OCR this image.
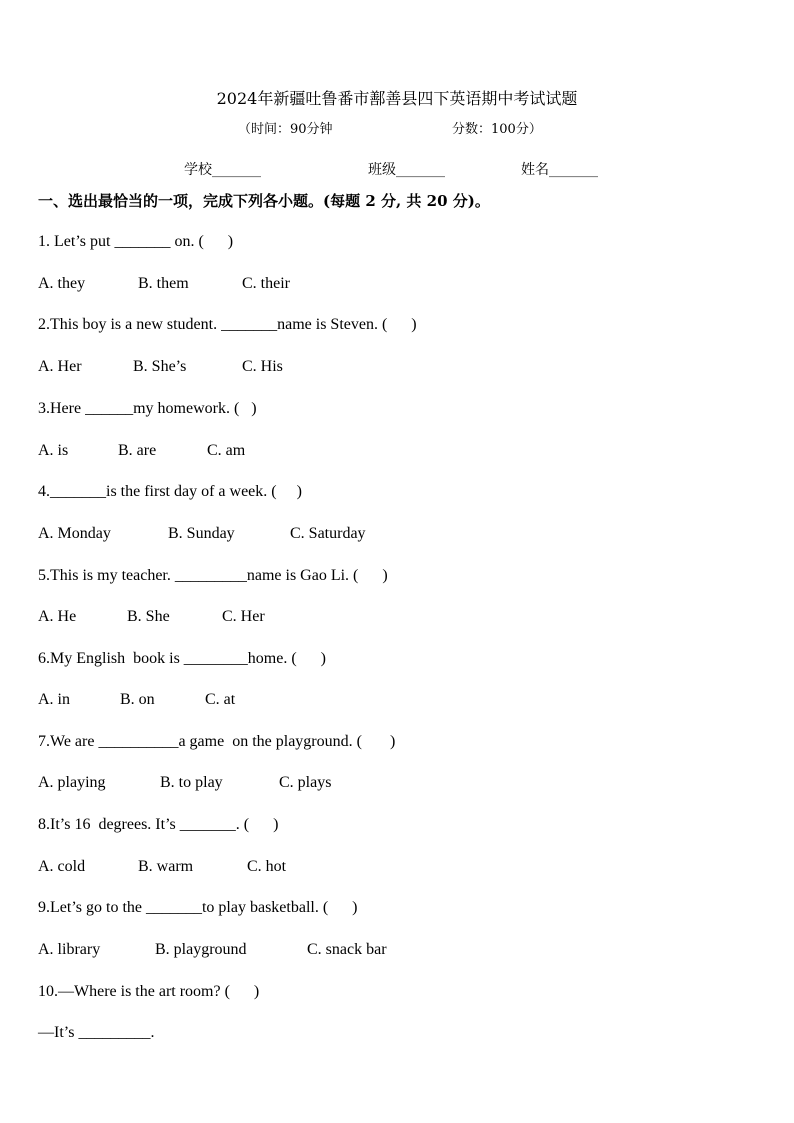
2024年新疆吐鲁番市鄯善县四下英语期中考试试题
（时间：90分钟	分数：100分）
学校_______	班级_______	姓名_______
一、选出最恰当的一项，完成下列各小题。(每题 2 分, 共 20 分)。
1. Let’s put _______ on. (      )
A. they	B. them	C. their
2.This boy is a new student. _______name is Steven. (      )
A. Her	B. She’s	C. His
3.Here ______my homework. (   )
A. is	B. are	C. am
4._______is the first day of a week. (     )
A. Monday	B. Sunday	C. Saturday
5.This is my teacher. _________name is Gao Li. (      )
A. He	B. She	C. Her
6.My English  book is ________home. (      )
A. in	B. on	C. at
7.We are __________a game  on the playground. (       )
A. playing	B. to play	C. plays
8.It’s 16  degrees. It’s _______. (      )
A. cold	B. warm	C. hot
9.Let’s go to the _______to play basketball. (      )
A. library	B. playground	C. snack bar
10.—Where is the art room? (      )
—It’s _________.
